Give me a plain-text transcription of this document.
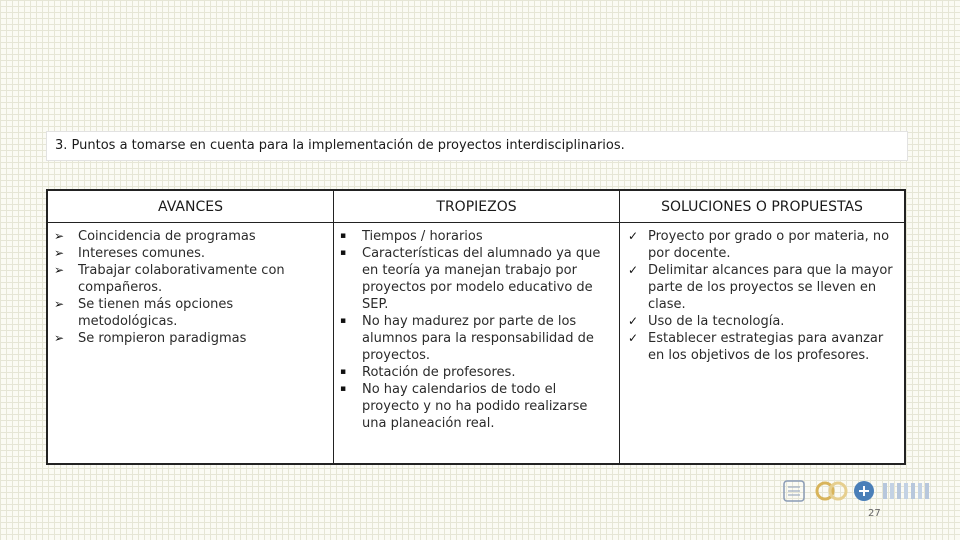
3. Puntos a tomarse en cuenta para la implementación de proyectos interdisciplinarios.
AVANCES	TROPIEZOS	SOLUCIONES O PROPUESTAS
➢ Coincidencia de programas
➢ Intereses comunes.
➢ Trabajar colaborativamente con compañeros.
➢ Se tienen más opciones metodológicas.
➢ Se rompieron paradigmas
▪ Tiempos / horarios
▪ Características del alumnado ya que en teoría ya manejan trabajo por proyectos por modelo educativo de SEP.
▪ No hay madurez por parte de los alumnos para la responsabilidad de proyectos.
▪ Rotación de profesores.
▪ No hay calendarios de todo el proyecto y no ha podido realizarse una planeación real.
✓ Proyecto por grado o por materia, no por docente.
✓ Delimitar alcances para que la mayor parte de los proyectos se lleven en clase.
✓ Uso de la tecnología.
✓ Establecer estrategias para avanzar en los objetivos de los profesores.
27
